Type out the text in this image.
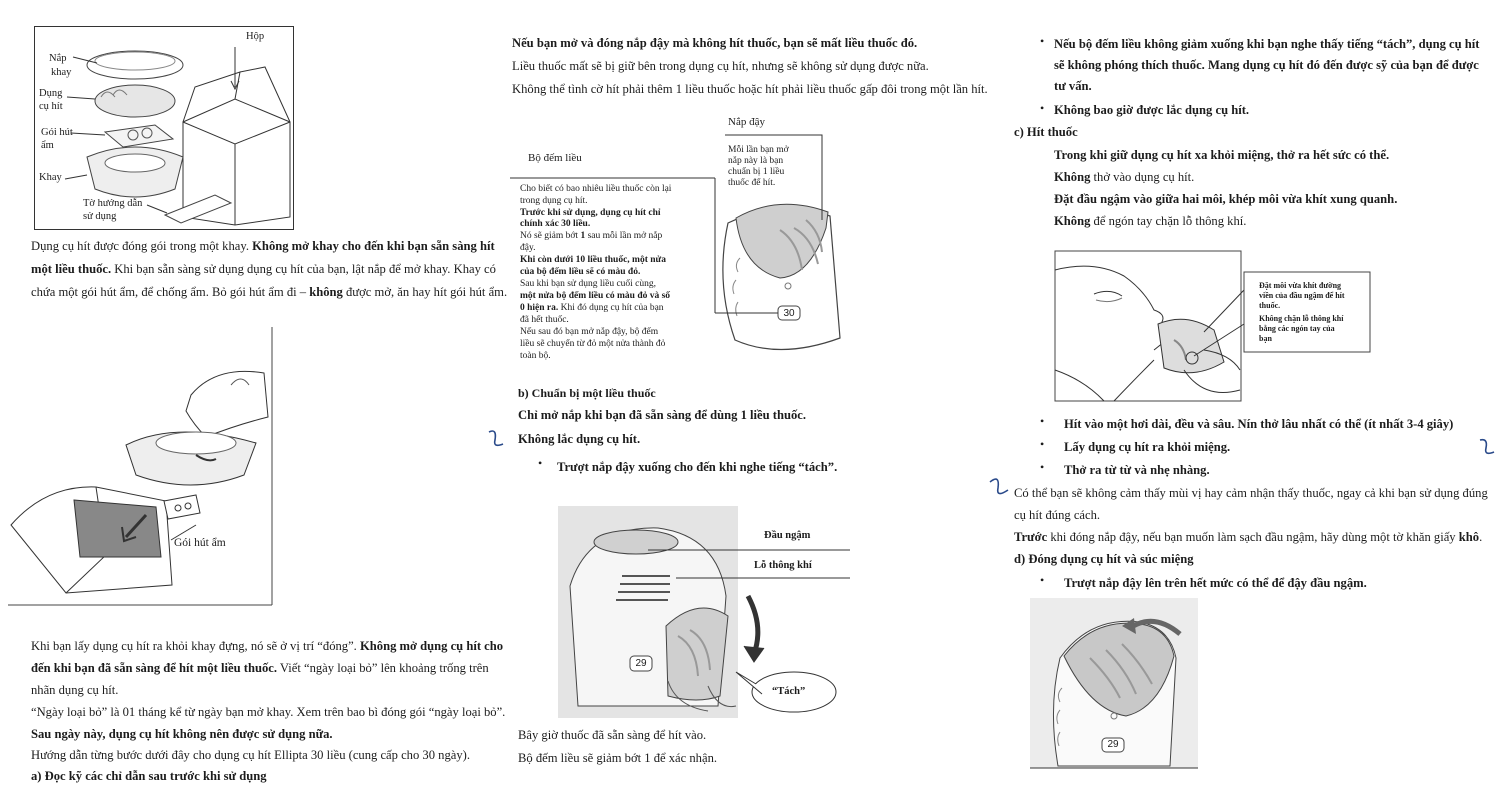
Hộp
Nắp
khay
Dụng
cụ hít
Gói hút
ẩm
Khay
Tờ hướng dẫn
sử dụng
Dụng cụ hít được đóng gói trong một khay. Không mở khay cho đến khi bạn sẵn sàng hít
một liều thuốc. Khi bạn sẵn sàng sử dụng dụng cụ hít của bạn, lật nắp để mở khay. Khay có
chứa một gói hút ẩm, để chống ẩm. Bỏ gói hút ẩm đi – không được mở, ăn hay hít gói hút ẩm.
Gói hút ẩm
Khi bạn lấy dụng cụ hít ra khỏi khay đựng, nó sẽ ở vị trí “đóng”. Không mở dụng cụ hít cho
đến khi bạn đã sẵn sàng để hít một liều thuốc. Viết “ngày loại bỏ” lên khoảng trống trên
nhãn dụng cụ hít.
“Ngày loại bỏ” là 01 tháng kể từ ngày bạn mở khay. Xem trên bao bì đóng gói “ngày loại bỏ”.
Sau ngày này, dụng cụ hít không nên được sử dụng nữa.
Hướng dẫn từng bước dưới đây cho dụng cụ hít Ellipta 30 liều (cung cấp cho 30 ngày).
a) Đọc kỹ các chỉ dẫn sau trước khi sử dụng
Nếu bạn mở và đóng nắp đậy mà không hít thuốc, bạn sẽ mất liều thuốc đó.
Liều thuốc mất sẽ bị giữ bên trong dụng cụ hít, nhưng sẽ không sử dụng được nữa.
Không thể tình cờ hít phải thêm 1 liều thuốc hoặc hít phải liều thuốc gấp đôi trong một lần hít.
30
Nắp đậy
Mỗi lần bạn mở
nắp này là bạn
chuẩn bị 1 liều
thuốc để hít.
Bộ đếm liều
Cho biết có bao nhiêu liều thuốc còn lại
trong dụng cụ hít.
Trước khi sử dụng, dụng cụ hít chỉ
chính xác 30 liều.
Nó sẽ giảm bớt 1 sau mỗi lần mở nắp
đậy.
Khi còn dưới 10 liều thuốc, một nửa
của bộ đếm liều sẽ có màu đỏ.
Sau khi bạn sử dụng liều cuối cùng,
một nửa bộ đếm liều có màu đỏ và số
0 hiện ra. Khi đó dụng cụ hít của bạn
đã hết thuốc.
Nếu sau đó bạn mở nắp đậy, bộ đếm
liều sẽ chuyển từ đỏ một nửa thành đỏ
toàn bộ.
b) Chuẩn bị một liều thuốc
Chỉ mở nắp khi bạn đã sẵn sàng để dùng 1 liều thuốc.
Không lắc dụng cụ hít.
• Trượt nắp đậy xuống cho đến khi nghe tiếng “tách”.
29
Đầu ngậm
Lỗ thông khí
“Tách”
Bây giờ thuốc đã sẵn sàng để hít vào.
Bộ đếm liều sẽ giảm bớt 1 để xác nhận.
• Nếu bộ đếm liều không giảm xuống khi bạn nghe thấy tiếng “tách”, dụng cụ hít
sẽ không phóng thích thuốc. Mang dụng cụ hít đó đến được sỹ của bạn để được
tư vấn.
• Không bao giờ được lắc dụng cụ hít.
c) Hít thuốc
Trong khi giữ dụng cụ hít xa khỏi miệng, thở ra hết sức có thể.
Không thở vào dụng cụ hít.
Đặt đầu ngậm vào giữa hai môi, khép môi vừa khít xung quanh.
Không để ngón tay chặn lỗ thông khí.
Đặt môi vừa khít đường
viền của đầu ngậm để hít
thuốc.
Không chặn lỗ thông khí
bằng các ngón tay của
bạn
• Hít vào một hơi dài, đều và sâu. Nín thở lâu nhất có thể (ít nhất 3-4 giây)
• Lấy dụng cụ hít ra khỏi miệng.
• Thở ra từ từ và nhẹ nhàng.
Có thể bạn sẽ không cảm thấy mùi vị hay cảm nhận thấy thuốc, ngay cả khi bạn sử dụng đúng
cụ hít đúng cách.
Trước khi đóng nắp đậy, nếu bạn muốn làm sạch đầu ngậm, hãy dùng một tờ khăn giấy khô.
d) Đóng dụng cụ hít và súc miệng
• Trượt nắp đậy lên trên hết mức có thể để đậy đầu ngậm.
29
